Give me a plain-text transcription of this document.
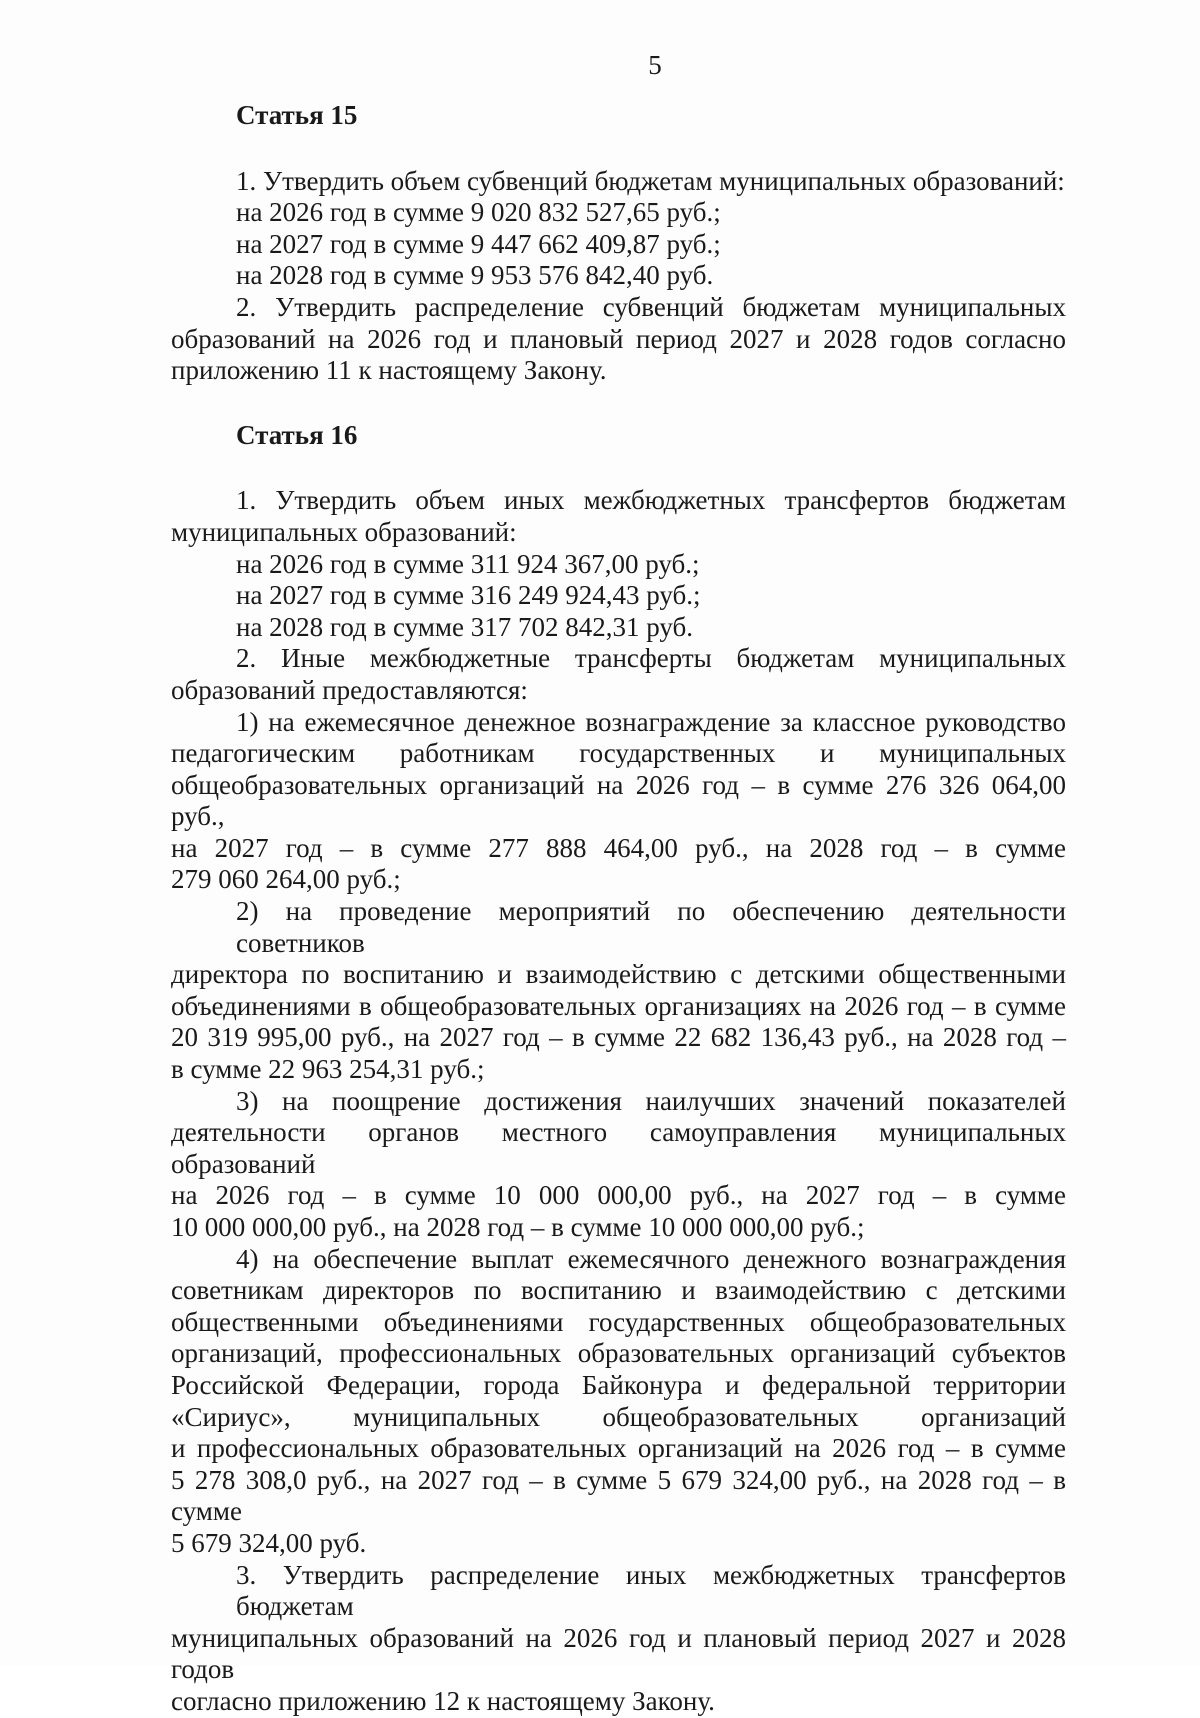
5
Статья 15

1. Утвердить объем субвенций бюджетам муниципальных образований:

на 2026 год в сумме 9 020 832 527,65 руб.;

на 2027 год в сумме 9 447 662 409,87 руб.;

на 2028 год в сумме 9 953 576 842,40 руб.

2. Утвердить распределение субвенций бюджетам муниципальных

образований на 2026 год и плановый период 2027 и 2028 годов согласно

приложению 11 к настоящему Закону.

Статья 16

1. Утвердить объем иных межбюджетных трансфертов бюджетам

муниципальных образований:

на 2026 год в сумме 311 924 367,00 руб.;

на 2027 год в сумме 316 249 924,43 руб.;

на 2028 год в сумме 317 702 842,31 руб.

2. Иные межбюджетные трансферты бюджетам муниципальных

образований предоставляются:

1) на ежемесячное денежное вознаграждение за классное руководство

педагогическим работникам государственных и муниципальных

общеобразовательных организаций на 2026 год – в сумме 276 326 064,00 руб.,

на 2027 год – в сумме 277 888 464,00 руб., на 2028 год – в сумме

279 060 264,00 руб.;

2) на проведение мероприятий по обеспечению деятельности советников

директора по воспитанию и взаимодействию с детскими общественными

объединениями в общеобразовательных организациях на 2026 год – в сумме

20 319 995,00 руб., на 2027 год – в сумме 22 682 136,43 руб., на 2028 год –

в сумме 22 963 254,31 руб.;

3) на поощрение достижения наилучших значений показателей

деятельности органов местного самоуправления муниципальных образований

на 2026 год – в сумме 10 000 000,00 руб., на 2027 год – в сумме

10 000 000,00 руб., на 2028 год – в сумме 10 000 000,00 руб.;

4) на обеспечение выплат ежемесячного денежного вознаграждения

советникам директоров по воспитанию и взаимодействию с детскими

общественными объединениями государственных общеобразовательных

организаций, профессиональных образовательных организаций субъектов

Российской Федерации, города Байконура и федеральной территории

«Сириус», муниципальных общеобразовательных организаций

и профессиональных образовательных организаций на 2026 год – в сумме

5 278 308,0 руб., на 2027 год – в сумме 5 679 324,00 руб., на 2028 год – в сумме

5 679 324,00 руб.

3. Утвердить распределение иных межбюджетных трансфертов бюджетам

муниципальных образований на 2026 год и плановый период 2027 и 2028 годов

согласно приложению 12 к настоящему Закону.
